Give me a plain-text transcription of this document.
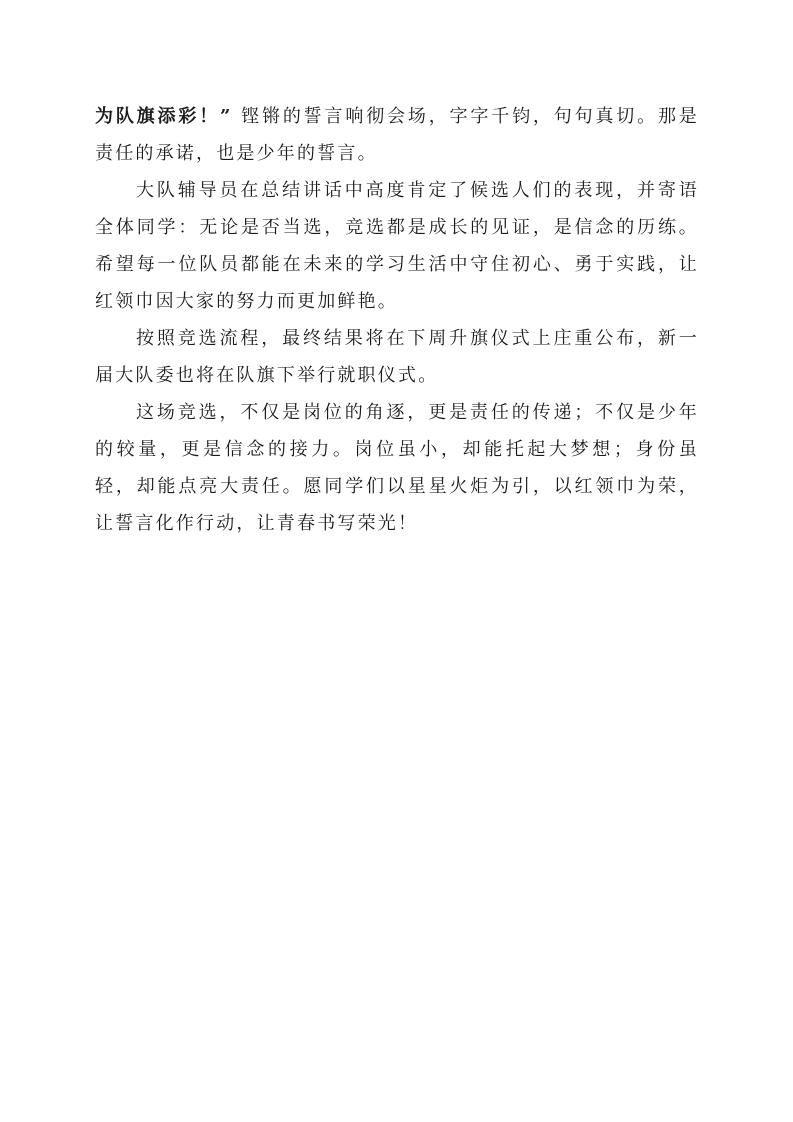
为队旗添彩！” 铿锵的誓言响彻会场，字字千钧，句句真切。那是责任的承诺，也是少年的誓言。

大队辅导员在总结讲话中高度肯定了候选人们的表现，并寄语全体同学：无论是否当选，竞选都是成长的见证，是信念的历练。希望每一位队员都能在未来的学习生活中守住初心、勇于实践，让红领巾因大家的努力而更加鲜艳。

按照竞选流程，最终结果将在下周升旗仪式上庄重公布，新一届大队委也将在队旗下举行就职仪式。

这场竞选，不仅是岗位的角逐，更是责任的传递；不仅是少年的较量，更是信念的接力。岗位虽小，却能托起大梦想；身份虽轻，却能点亮大责任。愿同学们以星星火炬为引，以红领巾为荣，让誓言化作行动，让青春书写荣光！
